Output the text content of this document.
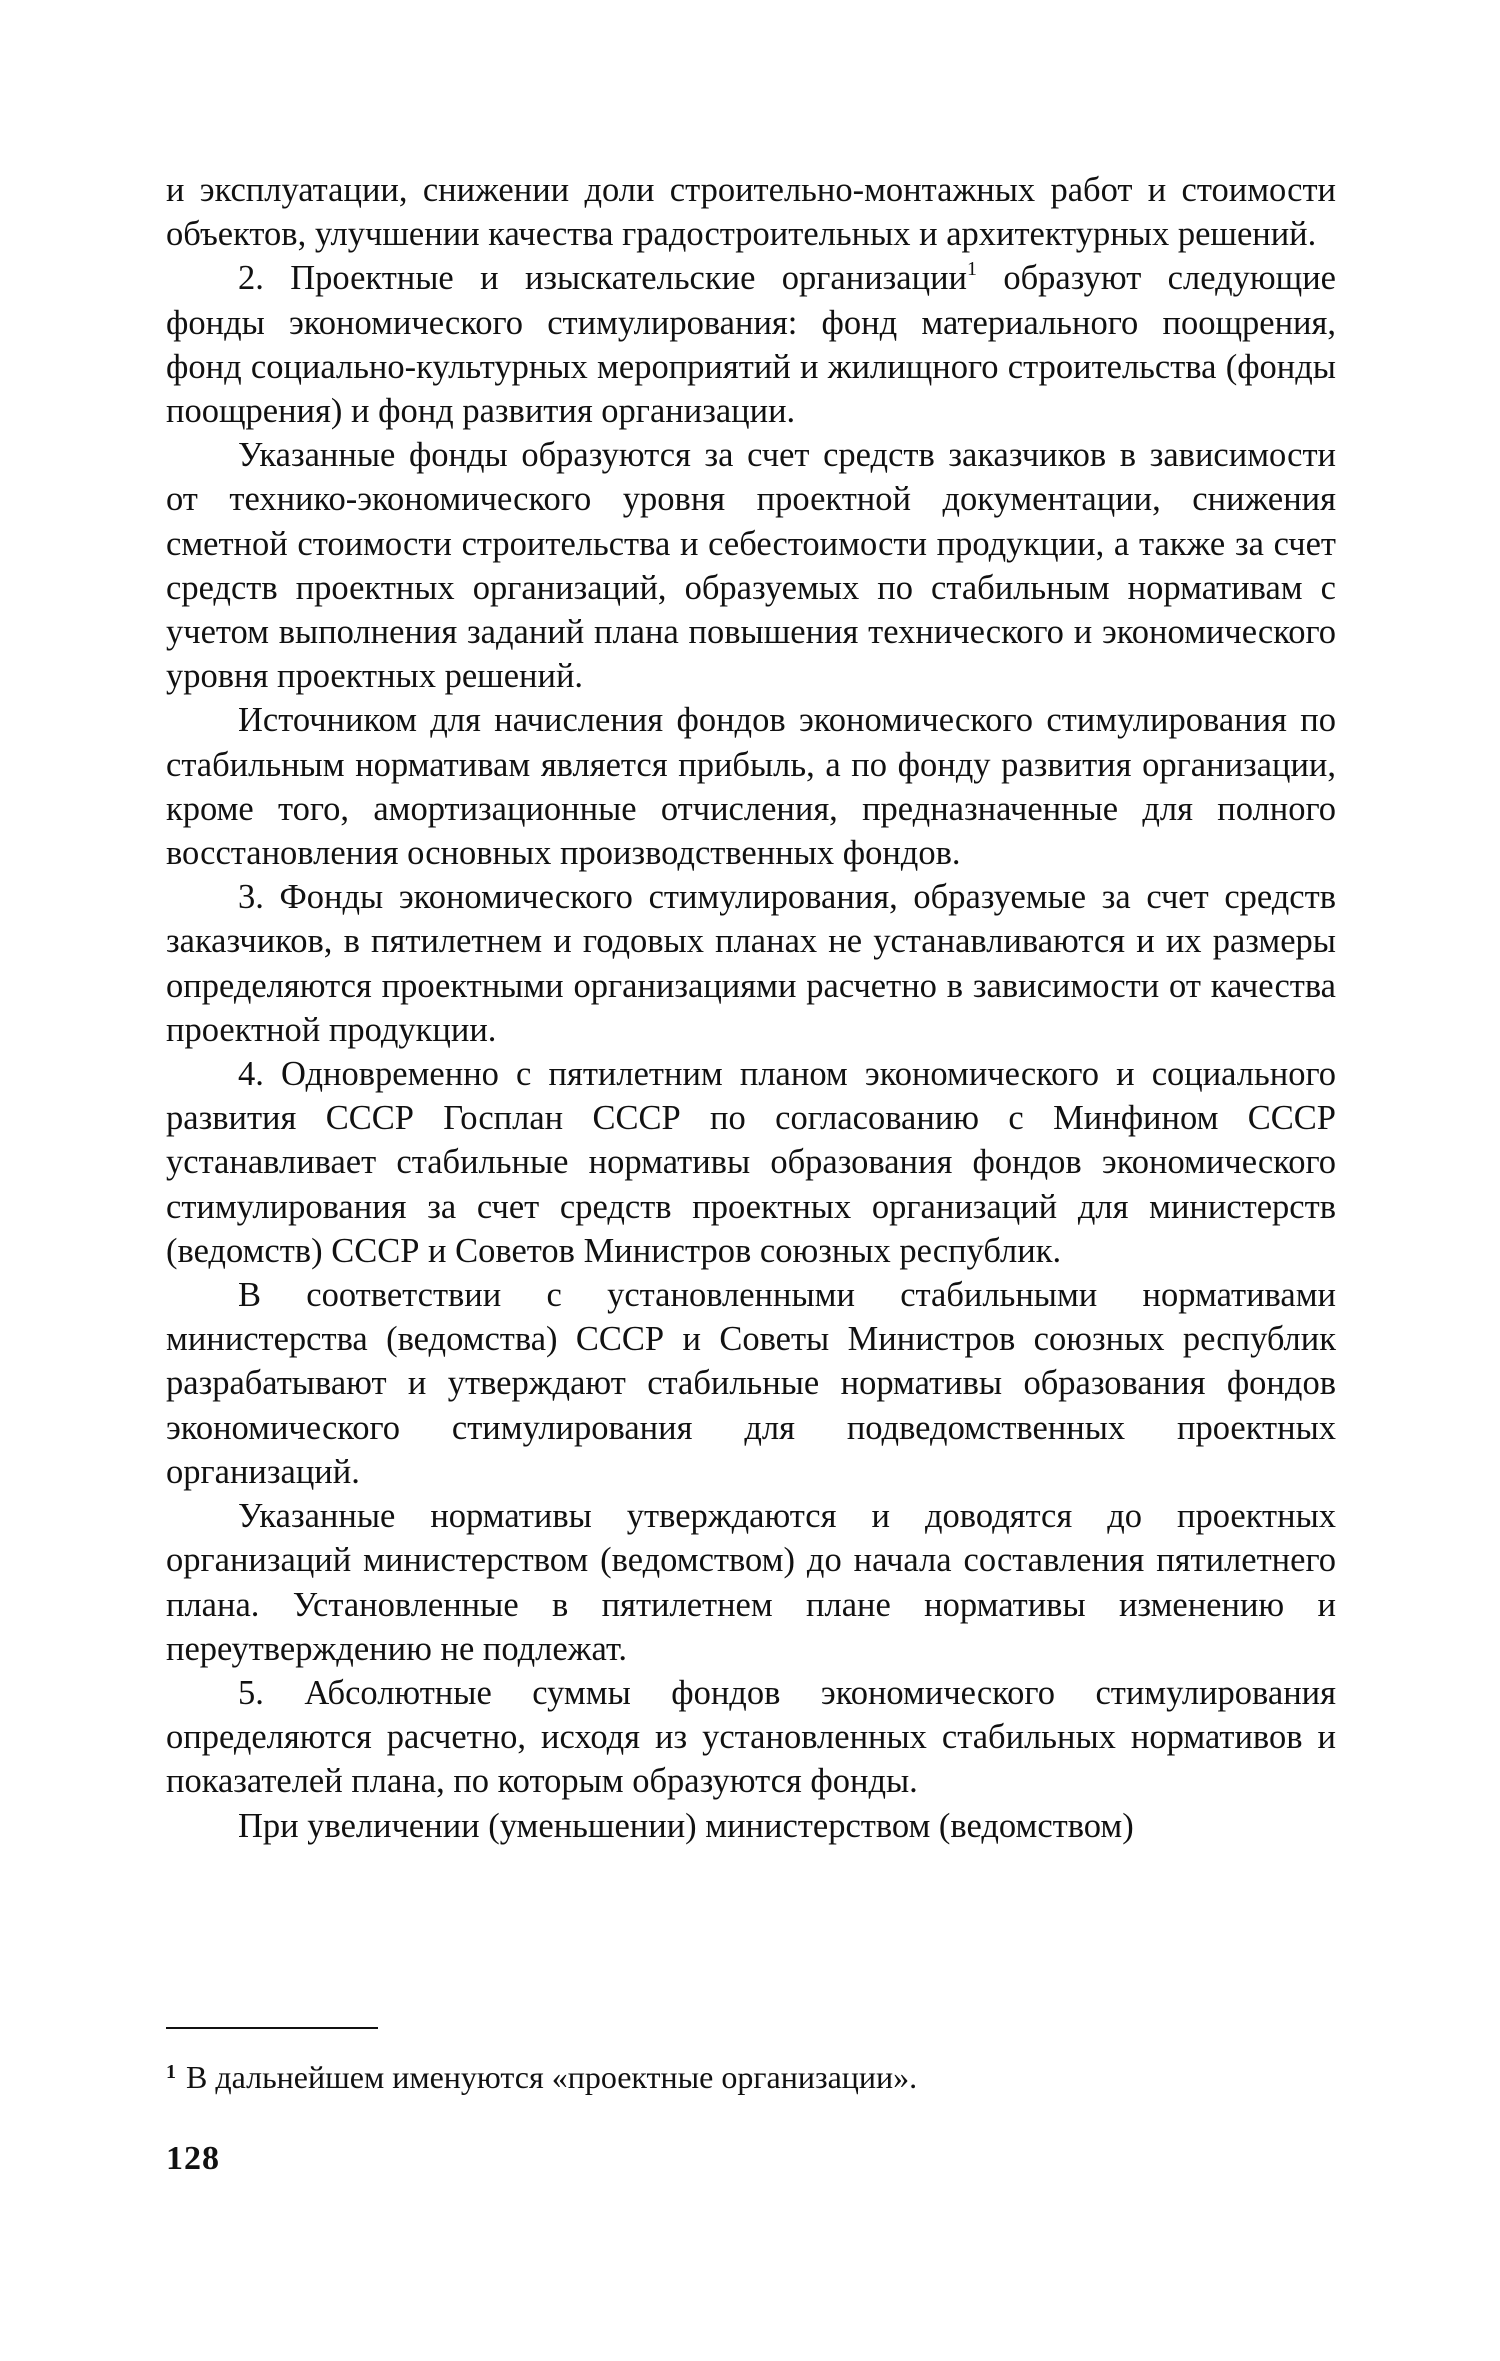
и эксплуатации, снижении доли строительно-монтажных работ и стоимости объектов, улучшении качества градостроительных и архитектурных решений.

2. Проектные и изыскательские организации$^1$ образуют следующие фонды экономического стимулирования: фонд материального поощрения, фонд социально-культурных мероприятий и жилищного строительства (фонды поощрения) и фонд развития организации.

Указанные фонды образуются за счет средств заказчиков в зависимости от технико-экономического уровня проектной документации, снижения сметной стоимости строительства и себестоимости продукции, а также за счет средств проектных организаций, образуемых по стабильным нормативам с учетом выполнения заданий плана повышения технического и экономического уровня проектных решений.

Источником для начисления фондов экономического стимулирования по стабильным нормативам является прибыль, а по фонду развития организации, кроме того, амортизационные отчисления, предназначенные для полного восстановления основных производственных фондов.

3. Фонды экономического стимулирования, образуемые за счет средств заказчиков, в пятилетнем и годовых планах не устанавливаются и их размеры определяются проектными организациями расчетно в зависимости от качества проектной продукции.

4. Одновременно с пятилетним планом экономического и социального развития СССР Госплан СССР по согласованию с Минфином СССР устанавливает стабильные нормативы образования фондов экономического стимулирования за счет средств проектных организаций для министерств (ведомств) СССР и Советов Министров союзных республик.

В соответствии с установленными стабильными нормативами министерства (ведомства) СССР и Советы Министров союзных республик разрабатывают и утверждают стабильные нормативы образования фондов экономического стимулирования для подведомственных проектных организаций.

Указанные нормативы утверждаются и доводятся до проектных организаций министерством (ведомством) до начала составления пятилетнего плана. Установленные в пятилетнем плане нормативы изменению и переутверждению не подлежат.

5. Абсолютные суммы фондов экономического стимулирования определяются расчетно, исходя из установленных стабильных нормативов и показателей плана, по которым образуются фонды.

При увеличении (уменьшении) министерством (ведомством)

$^1$ В дальнейшем именуются «проектные организации».
128
